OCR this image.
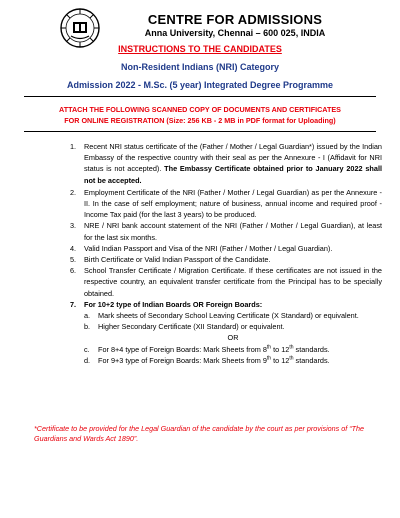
CENTRE FOR ADMISSIONS
Anna University, Chennai – 600 025, INDIA
INSTRUCTIONS TO THE CANDIDATES
Non-Resident Indians (NRI) Category
Admission 2022 - M.Sc. (5 year) Integrated Degree Programme
ATTACH THE FOLLOWING SCANNED COPY OF DOCUMENTS AND CERTIFICATES
FOR ONLINE REGISTRATION (Size: 256 KB - 2 MB in PDF format for Uploading)
1. Recent NRI status certificate of the (Father / Mother / Legal Guardian*) issued by the Indian Embassy of the respective country with their seal as per the Annexure - I (Affidavit for NRI status is not accepted). The Embassy Certificate obtained prior to January 2022 shall not be accepted.
2. Employment Certificate of the NRI (Father / Mother / Legal Guardian) as per the Annexure - II. In the case of self employment; nature of business, annual income and required proof - Income Tax paid (for the last 3 years) to be produced.
3. NRE / NRI bank account statement of the NRI (Father / Mother / Legal Guardian), at least for the last six months.
4. Valid Indian Passport and Visa of the NRI (Father / Mother / Legal Guardian).
5. Birth Certificate or Valid Indian Passport of the Candidate.
6. School Transfer Certificate / Migration Certificate. If these certificates are not issued in the respective country, an equivalent transfer certificate from the Principal has to be specially obtained.
7. For 10+2 type of Indian Boards OR Foreign Boards:
a. Mark sheets of Secondary School Leaving Certificate (X Standard) or equivalent.
b. Higher Secondary Certificate (XII Standard) or equivalent.
OR
c. For 8+4 type of Foreign Boards: Mark Sheets from 8th to 12th standards.
d. For 9+3 type of Foreign Boards: Mark Sheets from 9th to 12th standards.
*Certificate to be provided for the Legal Guardian of the candidate by the court as per provisions of “The Guardians and Wards Act 1890”.
